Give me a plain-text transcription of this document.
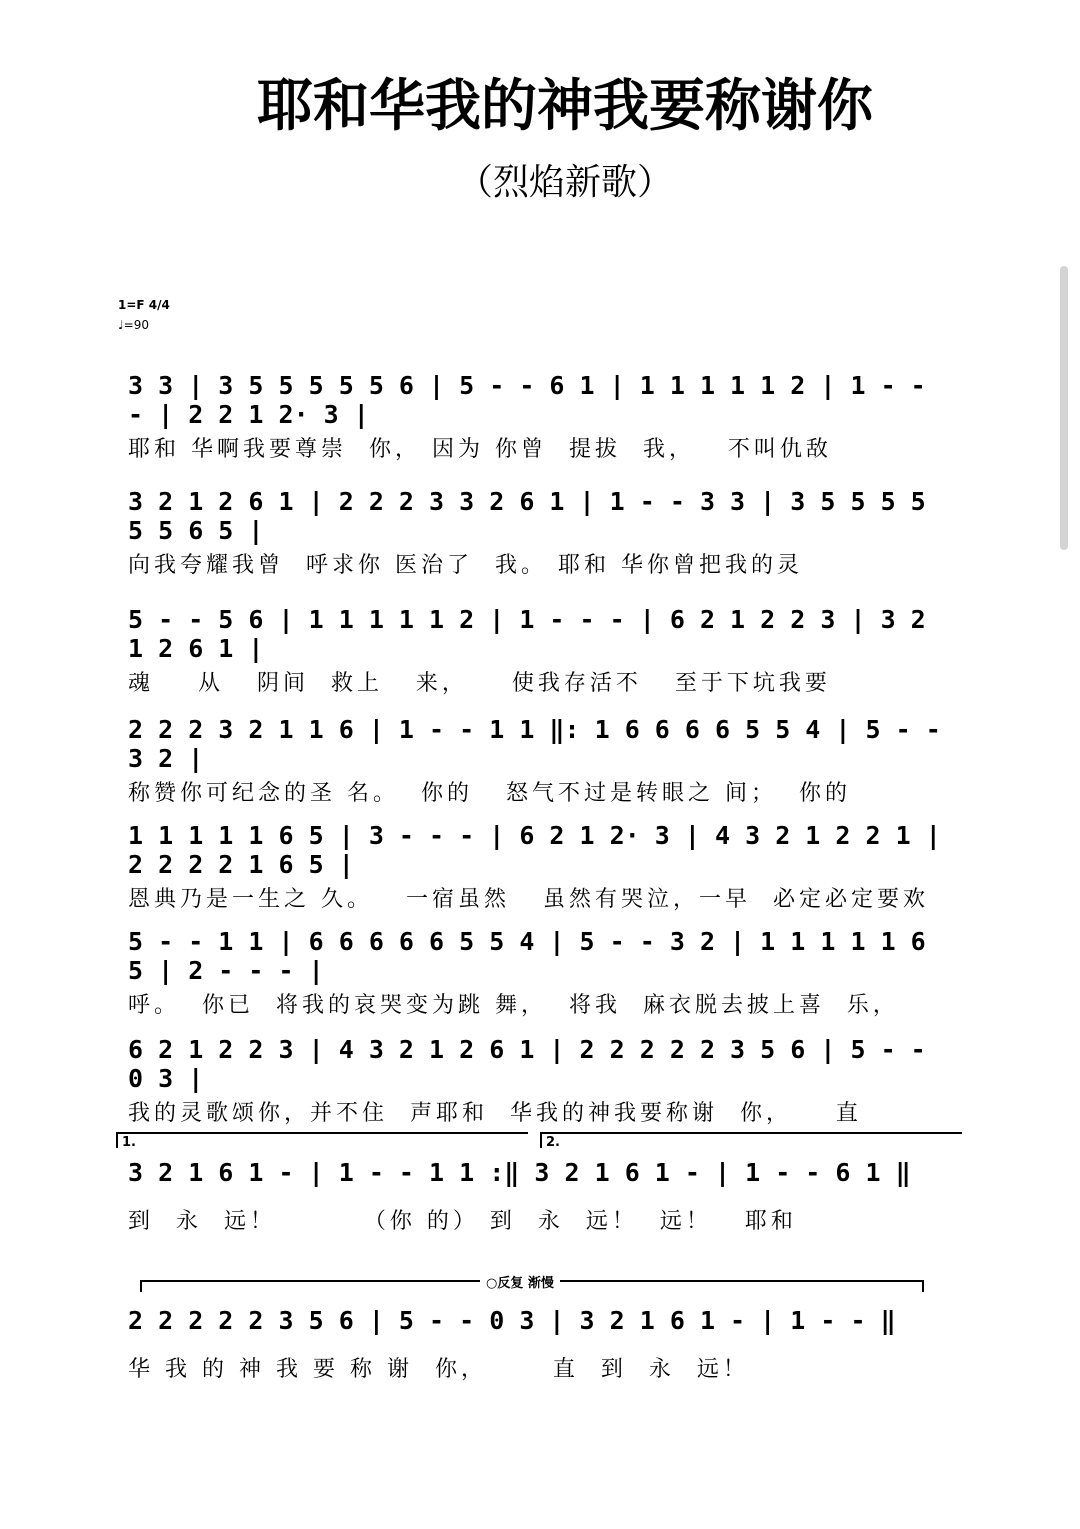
耶和华我的神我要称谢你
（烈焰新歌）
1=F 4/4
♩=90
3 3 | 3 5 5 5 5 5 6 | 5 - - 6 1 | 1 1 1 1 1 2 | 1 - - - | 2 2 1 2· 3 |
耶和 华啊我要尊崇  你， 因为 你曾  提拔  我，   不叫仇敌
3 2 1 2 6 1 | 2 2 2 3 3 2 6 1 | 1 - - 3 3 | 3 5 5 5 5 5 5 6 5 |
向我夸耀我曾  呼求你 医治了  我。 耶和 华你曾把我的灵
5 - - 5 6 | 1 1 1 1 1 2 | 1 - - - | 6 2 1 2 2 3 | 3 2 1 2 6 1 |
魂    从   阴间  救上   来，    使我存活不   至于下坑我要
2 2 2 3 2 1 1 6 | 1 - - 1 1 ‖: 1 6 6 6 6 5 5 4 | 5 - - 3 2 |
称赞你可纪念的圣 名。  你的   怒气不过是转眼之 间；  你的
1 1 1 1 1 6 5 | 3 - - - | 6 2 1 2· 3 | 4 3 2 1 2 2 1 | 2 2 2 2 1 6 5 |
恩典乃是一生之 久。   一宿虽然   虽然有哭泣，一早  必定必定要欢
5 - - 1 1 | 6 6 6 6 6 5 5 4 | 5 - - 3 2 | 1 1 1 1 1 6 5 | 2 - - - |
呼。  你已  将我的哀哭变为跳 舞，  将我  麻衣脱去披上喜  乐，
6 2 1 2 2 3 | 4 3 2 1 2 6 1 | 2 2 2 2 2 3 5 6 | 5 - - 0 3 |
我的灵歌颂你，并不住  声耶和  华我的神我要称谢  你，    直
1.	2.
3 2 1 6 1 - | 1 - - 1 1 :‖ 3 2 1 6 1 - | 1 - - 6 1 ‖
到  永  远！        （你 的） 到  永  远！  远！   耶和
○反复 渐慢
2 2 2 2 2 3 5 6 | 5 - - 0 3 | 3 2 1 6 1 - | 1 - - ‖
华 我 的 神 我 要 称 谢  你，      直  到  永  远！
